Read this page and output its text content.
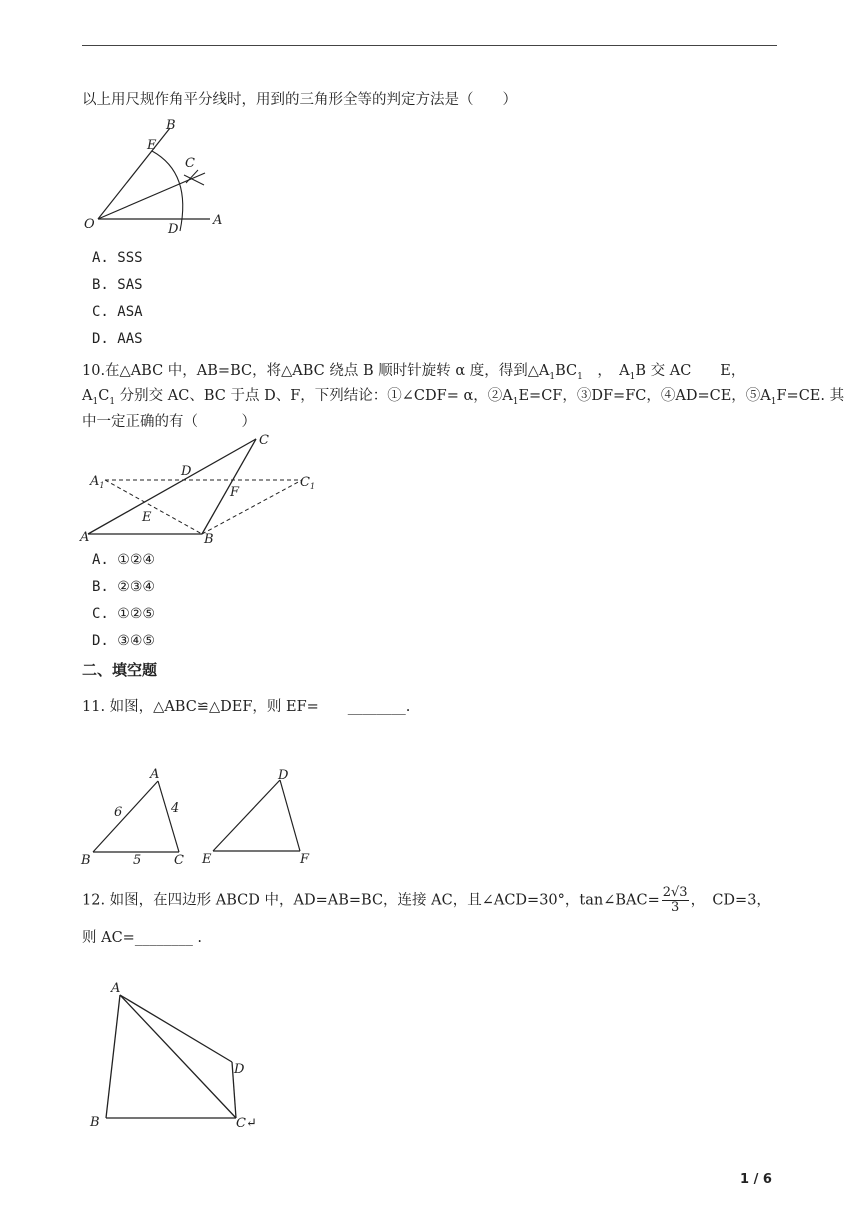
以上用尺规作角平分线时，用到的三角形全等的判定方法是（　　）
B
E
C
O	D
A
A. SSS
B. SAS
C. ASA
D. AAS
10.在△ABC 中，AB=BC，将△ABC 绕点 B 顺时针旋转 α 度，得到$\triangle A_1BC_1$　，　$A_1B$ 交 AC　　E，
$A_1C_1$ 分别交 AC、BC 于点 D、F，下列结论：①∠CDF= α，$②A_1E=CF$，③DF=FC，④AD=CE，$⑤A_1F=CE$. 其
中一定正确的有（　　　）
$A_1$
D
C
$C_1$
F
E
A	B
A. ①②④
B. ②③④
C. ①②⑤
D. ③④⑤
二、填空题
11. 如图，△ABC≌△DEF，则 EF=　　________.
A
B	C
6	4
5
D
E	F
12. 如图，在四边形 ABCD 中，AD=AB=BC，连接 AC，且∠ACD=30°，tan∠BAC= $\frac{2√3}{3}$ ，　CD=3，
则 AC=________ .
A
B	C↵
D
1 / 6
